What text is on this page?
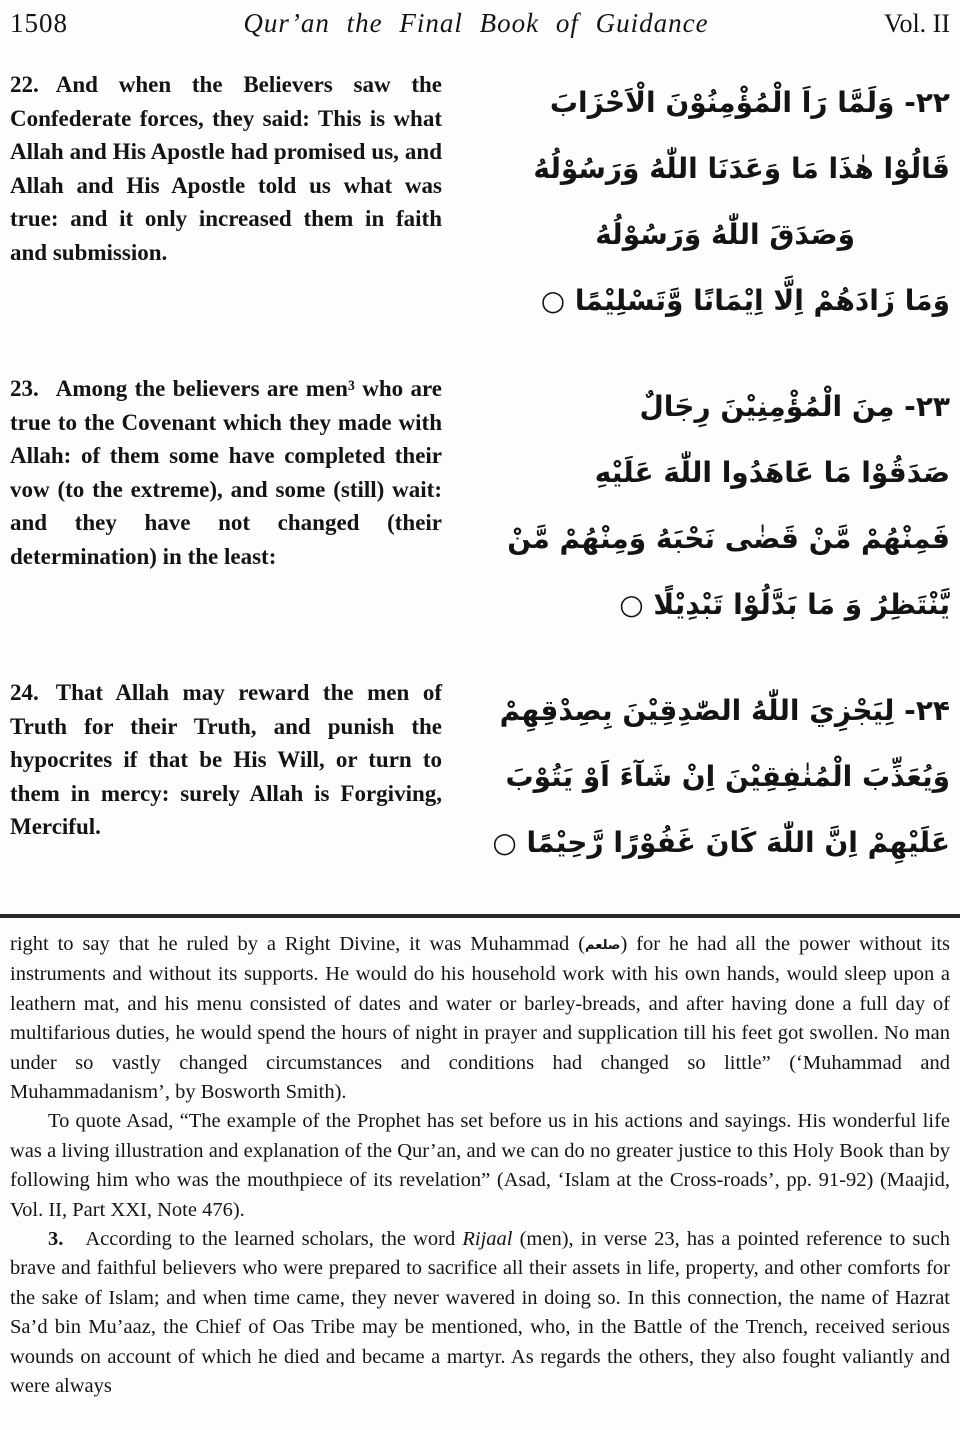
1508	Qur’an the Final Book of Guidance	Vol. II
22. And when the Believers saw the Confederate forces, they said: This is what Allah and His Apostle had promised us, and Allah and His Apostle told us what was true: and it only increased them in faith and submission.
۲۲- وَلَمَّا رَاَ الْمُؤْمِنُوْنَ الْاَحْزَابَ
قَالُوْا هٰذَا مَا وَعَدَنَا اللّٰهُ وَرَسُوْلُهُ
وَصَدَقَ اللّٰهُ وَرَسُوْلُهُ
وَمَا زَادَهُمْ اِلَّا اِيْمَانًا وَّتَسْلِيْمًا ○
23. Among the believers are men³ who are true to the Covenant which they made with Allah: of them some have completed their vow (to the extreme), and some (still) wait: and they have not changed (their determination) in the least:
۲۳- مِنَ الْمُؤْمِنِيْنَ رِجَالٌ
صَدَقُوْا مَا عَاهَدُوا اللّٰهَ عَلَيْهِ
فَمِنْهُمْ مَّنْ قَضٰى نَحْبَهُ وَمِنْهُمْ مَّنْ
يَّنْتَظِرُ وَ مَا بَدَّلُوْا تَبْدِيْلًا ○
24. That Allah may reward the men of Truth for their Truth, and punish the hypocrites if that be His Will, or turn to them in mercy: surely Allah is Forgiving, Merciful.
۲۴- لِيَجْزِيَ اللّٰهُ الصّٰدِقِيْنَ بِصِدْقِهِمْ
وَيُعَذِّبَ الْمُنٰفِقِيْنَ اِنْ شَآءَ اَوْ يَتُوْبَ
عَلَيْهِمْ اِنَّ اللّٰهَ كَانَ غَفُوْرًا رَّحِيْمًا ○

right to say that he ruled by a Right Divine, it was Muhammad (صلعم) for he had all the power without its instruments and without its supports. He would do his household work with his own hands, would sleep upon a leathern mat, and his menu consisted of dates and water or barley-breads, and after having done a full day of multifarious duties, he would spend the hours of night in prayer and supplication till his feet got swollen. No man under so vastly changed circumstances and conditions had changed so little” (‘Muhammad and Muhammadanism’, by Bosworth Smith).

To quote Asad, “The example of the Prophet has set before us in his actions and sayings. His wonderful life was a living illustration and explanation of the Qur’an, and we can do no greater justice to this Holy Book than by following him who was the mouthpiece of its revelation” (Asad, ‘Islam at the Cross-roads’, pp. 91-92) (Maajid, Vol. II, Part XXI, Note 476).

3. According to the learned scholars, the word Rijaal (men), in verse 23, has a pointed reference to such brave and faithful believers who were prepared to sacrifice all their assets in life, property, and other comforts for the sake of Islam; and when time came, they never wavered in doing so. In this connection, the name of Hazrat Sa’d bin Mu’aaz, the Chief of Oas Tribe may be mentioned, who, in the Battle of the Trench, received serious wounds on account of which he died and became a martyr. As regards the others, they also fought valiantly and were always
